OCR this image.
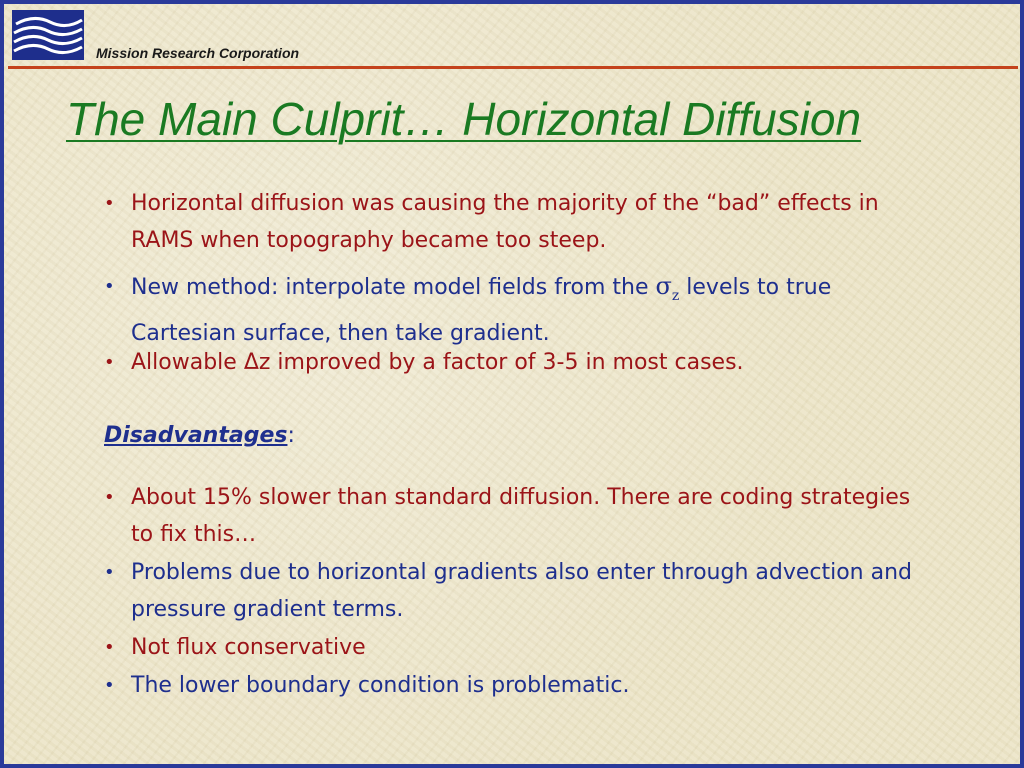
Mission Research Corporation
The Main Culprit… Horizontal Diffusion
• Horizontal diffusion was causing the majority of the “bad” effects in RAMS when topography became too steep.
• New method: interpolate model fields from the $\sigma_z$ levels to true Cartesian surface, then take gradient.
• Allowable Δz improved by a factor of 3-5 in most cases.
Disadvantages:
• About 15% slower than standard diffusion. There are coding strategies to fix this…
• Problems due to horizontal gradients also enter through advection and pressure gradient terms.
• Not flux conservative
• The lower boundary condition is problematic.
